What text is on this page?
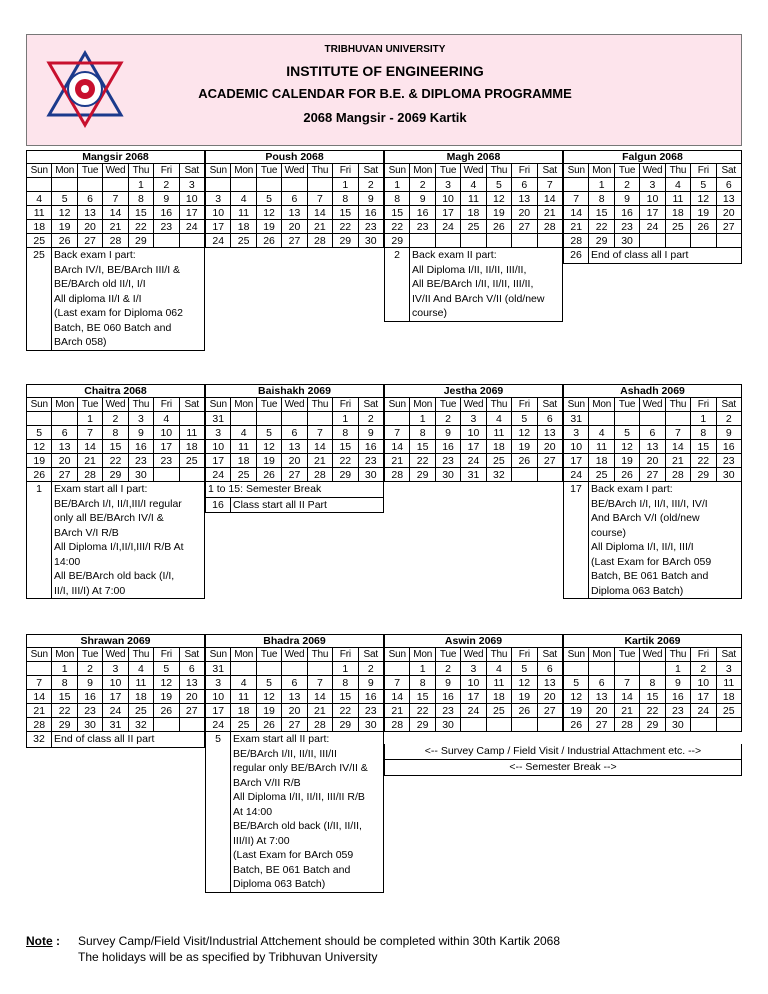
TRIBHUVAN UNIVERSITY
INSTITUTE OF ENGINEERING
ACADEMIC CALENDAR FOR B.E. & DIPLOMA PROGRAMME
2068 Mangsir - 2069 Kartik
Mangsir 2068
Sun	Mon	Tue	Wed	Thu	Fri	Sat
				1	2	3
4	5	6	7	8	9	10
11	12	13	14	15	16	17
18	19	20	21	22	23	24
25	26	27	28	29		
25 Back exam I part:
BArch IV/I, BE/BArch III/I &
BE/BArch old II/I, I/I
All diploma II/I & I/I
(Last exam for Diploma 062
Batch, BE 060 Batch and
BArch 058)
Poush 2068
Sun	Mon	Tue	Wed	Thu	Fri	Sat
					1	2
3	4	5	6	7	8	9
10	11	12	13	14	15	16
17	18	19	20	21	22	23
24	25	26	27	28	29	30
Magh 2068
Sun	Mon	Tue	Wed	Thu	Fri	Sat
1	2	3	4	5	6	7
8	9	10	11	12	13	14
15	16	17	18	19	20	21
22	23	24	25	26	27	28
29						
2	Back exam II part:
All Diploma I/II, II/II, III/II,
All BE/BArch I/II, II/II, III/II,
IV/II And BArch V/II (old/new
course)
Falgun 2068
Sun	Mon	Tue	Wed	Thu	Fri	Sat
	1	2	3	4	5	6
7	8	9	10	11	12	13
14	15	16	17	18	19	20
21	22	23	24	25	26	27
28	29	30				
26 End of class all I part
Chaitra 2068
Sun	Mon	Tue	Wed	Thu	Fri	Sat
		1	2	3	4	
5	6	7	8	9	10	11
12	13	14	15	16	17	18
19	20	21	22	23	23	25
26	27	28	29	30		
1	Exam start all I part:
BE/BArch I/I, II/I,III/I regular
only all BE/BArch IV/I &
BArch V/I R/B
All Diploma I/I,II/I,III/I R/B At
14:00
All BE/BArch old back (I/I,
II/I, III/I) At 7:00
Baishakh 2069
Sun	Mon	Tue	Wed	Thu	Fri	Sat
31					1	2
3	4	5	6	7	8	9
10	11	12	13	14	15	16
17	18	19	20	21	22	23
24	25	26	27	28	29	30
1 to 15: Semester Break
16 Class start all II Part
Jestha 2069
Sun	Mon	Tue	Wed	Thu	Fri	Sat
	1	2	3	4	5	6
7	8	9	10	11	12	13
14	15	16	17	18	19	20
21	22	23	24	25	26	27
28	29	30	31	32		
Ashadh 2069
Sun	Mon	Tue	Wed	Thu	Fri	Sat
31					1	2
3	4	5	6	7	8	9
10	11	12	13	14	15	16
17	18	19	20	21	22	23
24	25	26	27	28	29	30
17 Back exam I part:
BE/BArch I/I, II/I, III/I, IV/I
And BArch V/I (old/new
course)
All Diploma I/I, II/I, III/I
(Last Exam for BArch 059
Batch, BE 061 Batch and
Diploma 063 Batch)
Shrawan 2069
Sun	Mon	Tue	Wed	Thu	Fri	Sat
	1	2	3	4	5	6
7	8	9	10	11	12	13
14	15	16	17	18	19	20
21	22	23	24	25	26	27
28	29	30	31	32		
32 End of class all II part
Bhadra 2069
Sun	Mon	Tue	Wed	Thu	Fri	Sat
31					1	2
3	4	5	6	7	8	9
10	11	12	13	14	15	16
17	18	19	20	21	22	23
24	25	26	27	28	29	30
5	Exam start all II part:
BE/BArch I/II, II/II, III/II
regular only BE/BArch IV/II &
BArch V/II R/B
All Diploma I/II, II/II, III/II R/B
At 14:00
BE/BArch old back (I/II, II/II,
III/II) At 7:00
(Last Exam for BArch 059
Batch, BE 061 Batch and
Diploma 063 Batch)
Aswin 2069
Sun	Mon	Tue	Wed	Thu	Fri	Sat
	1	2	3	4	5	6
7	8	9	10	11	12	13
14	15	16	17	18	19	20
21	22	23	24	25	26	27
28	29	30				
Kartik 2069
Sun	Mon	Tue	Wed	Thu	Fri	Sat
				1	2	3
5	6	7	8	9	10	11
12	13	14	15	16	17	18
19	20	21	22	23	24	25
26	27	28	29	30		
<-- Survey Camp / Field Visit / Industrial Attachment etc. -->
<-- Semester Break -->
Note : Survey Camp/Field Visit/Industrial Attchement should be completed within 30th Kartik 2068
The holidays will be as specified by Tribhuvan University
